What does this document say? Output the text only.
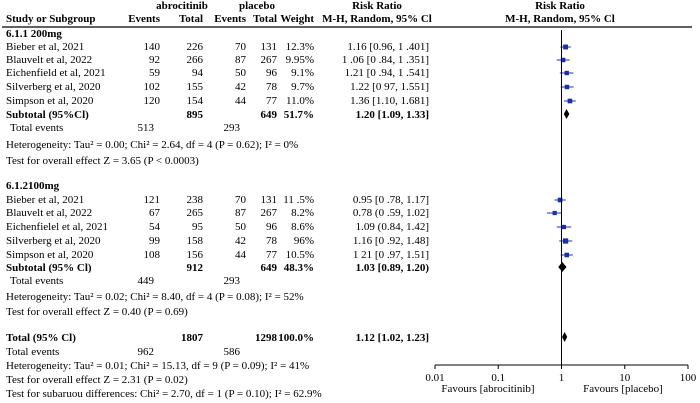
abrocitinib	placebo	Risk Ratio	Risk Ratio
Study or Subgroup	Events Total Events Total Weight M-H, Random, 95% Cl	M-H, Random, 95% Cl
6.1.1 200mg
Bieber et al, 2021	140 226	70 131 12.3%	1.16 [0.96, 1 .401]
Blauvelt et al, 2022	92 266	87 267 9.95%	1 .06 [0 .84, 1 .351]
Eichenfield et al, 2021	59	94	50 96 9.1%	1.21 [0 .94, 1 .541]
Silverberg et al, 2020	102 155	42 78 9.7%	1.22 [0 97, 1.551]
Simpson et al, 2020	120 154	44 77 11.0%	1.36 [1.10, 1.681]
Subtotal (95%Cl)	895	649 51.7%	1.20 [1.09, 1.33]
Total events	513	293
Heterogeneity: Tau² = 0.00; Chi² = 2.64, df = 4 (P = 0.62); I² = 0%
Test for overall effect Z = 3.65 (P < 0.0003)
6.1.2100mg
Bieber et al, 2021	121 238	70 131 11 .5%	0.95 [0 .78, 1.17]
Blauvelt et al, 2022	67 265	87 267 8.2%	0.78 (0 .59, 1.02]
Eichenfielel et al, 2021	54	95	50 96 8.6%	1.09 (0.84, 1.42]
Silverberg et al, 2020	99 158	42 78 96%	1.16 [0 .92, 1.48]
Simpson et al, 2020	108 156	44 77 10.5%	1 21 [0 .97, 1.51]
Subtotal (95% Cl)	912	649 48.3%	1.03 [0.89, 1.20)
Total events	449	293
Heterogeneity: Tau² = 0.02; Chi² = 8.40, df = 4 (P = 0.08); I² = 52%
Test for overall effect Z = 0.40 (P = 0.69)
Total (95% Cl)	1807	1298 100.0%	1.12 [1.02, 1.23]
Total events	962	586
Heterogeneity: Tau² = 0.01; Chi² = 15.13, df = 9 (P = 0.09); I² = 41%
Test for overall effect Z = 2.31 (P = 0.02)
Test for subaruou differences: Chi² = 2.70, df = 1 (P = 0.10); I² = 62.9%
0.01	0.1	1	10	100
Favours [abrocitinib]	Favours [placebo]
